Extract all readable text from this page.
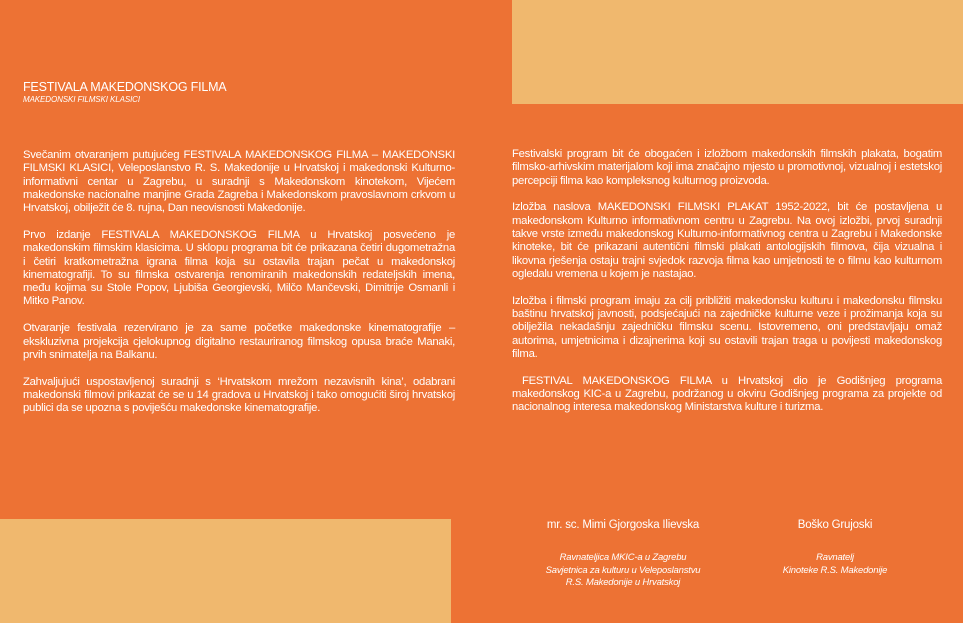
FESTIVALA MAKEDONSKOG FILMA
MAKEDONSKI FILMSKI KLASICI

Svečanim otvaranjem putujućeg FESTIVALA MAKEDONSKOG FILMA – MAKEDONSKI FILMSKI KLASICI, Veleposlanstvo R. S. Makedonije u Hrvatskoj i makedonski Kulturno-informativni centar u Zagrebu, u suradnji s Makedonskom kinotekom, Vijećem makedonske nacionalne manjine Grada Zagreba i Makedonskom pravoslavnom crkvom u Hrvatskoj, obilježit će 8. rujna, Dan neovisnosti Makedonije.

Prvo izdanje FESTIVALA MAKEDONSKOG FILMA u Hrvatskoj posvećeno je makedonskim filmskim klasicima. U sklopu programa bit će prikazana četiri dugometražna i četiri kratkometražna igrana filma koja su ostavila trajan pečat u makedonskoj kinematografiji. To su filmska ostvarenja renomiranih makedonskih redateljskih imena, među kojima su Stole Popov, Ljubiša Georgievski, Milčo Mančevski, Dimitrije Osmanli i Mitko Panov.

Otvaranje festivala rezervirano je za same početke makedonske kinematografije – ekskluzivna projekcija cjelokupnog digitalno restauriranog filmskog opusa braće Manaki, prvih snimatelja na Balkanu.

Zahvaljujući uspostavljenoj suradnji s ‘Hrvatskom mrežom nezavisnih kina’, odabrani makedonski filmovi prikazat će se u 14 gradova u Hrvatskoj i tako omogućiti široj hrvatskoj publici da se upozna s poviješću makedonske kinematografije.

Festivalski program bit će obogaćen i izložbom makedonskih filmskih plakata, bogatim filmsko-arhivskim materijalom koji ima značajno mjesto u promotivnoj, vizualnoj i estetskoj percepciji filma kao kompleksnog kulturnog proizvoda.

Izložba naslova MAKEDONSKI FILMSKI PLAKAT 1952-2022, bit će postavljena u makedonskom Kulturno informativnom centru u Zagrebu. Na ovoj izložbi, prvoj suradnji takve vrste između makedonskog Kulturno-informativnog centra u Zagrebu i Makedonske kinoteke, bit će prikazani autentični filmski plakati antologijskih filmova, čija vizualna i likovna rješenja ostaju trajni svjedok razvoja filma kao umjetnosti te o filmu kao kulturnom ogledalu vremena u kojem je nastajao.

Izložba i filmski program imaju za cilj približiti makedonsku kulturu i makedonsku filmsku baštinu hrvatskoj javnosti, podsjećajući na zajedničke kulturne veze i prožimanja koja su obilježila nekadašnju zajedničku filmsku scenu. Istovremeno, oni predstavljaju omaž autorima, umjetnicima i dizajnerima koji su ostavili trajan traga u povijesti makedonskog filma.

FESTIVAL MAKEDONSKOG FILMA u Hrvatskoj dio je Godišnjeg programa makedonskog KIC-a u Zagrebu, podržanog u okviru Godišnjeg programa za projekte od nacionalnog interesa makedonskog Ministarstva kulture i turizma.

mr. sc. Mimi Gjorgoska Ilievska
Ravnateljica MKIC-a u Zagrebu
Savjetnica za kulturu u Veleposlanstvu
R.S. Makedonije u Hrvatskoj
Boško Grujoski
Ravnatelj
Kinoteke R.S. Makedonije
